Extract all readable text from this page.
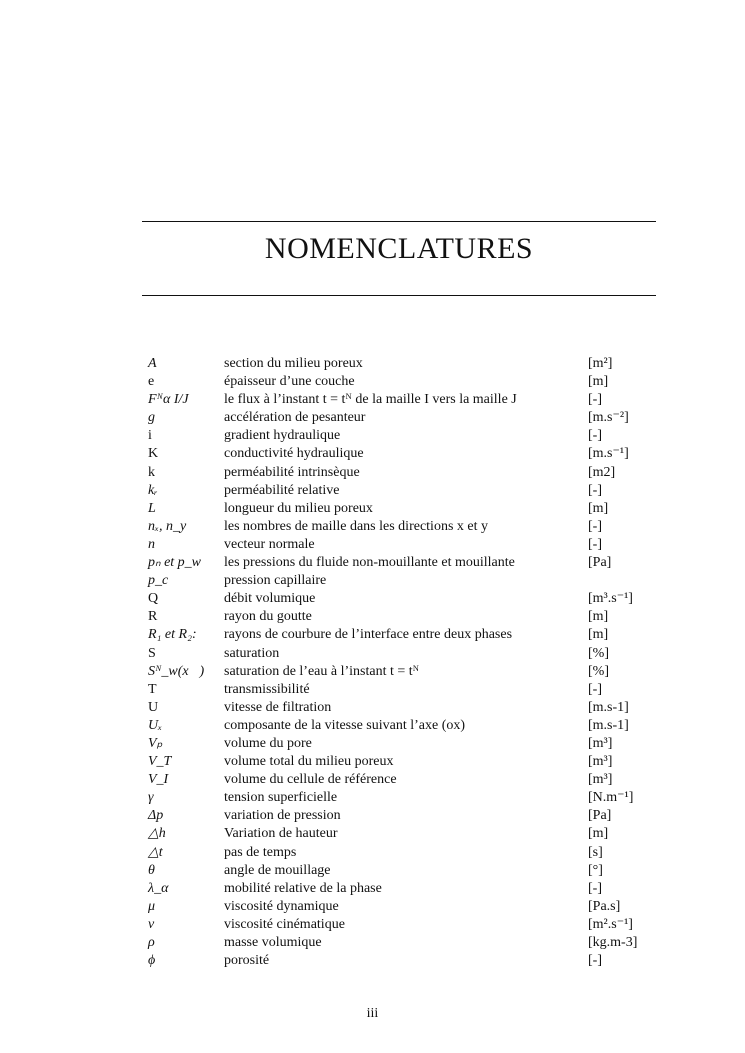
NOMENCLATURES
A	section du milieu poreux	[m²]
e	épaisseur d’une couche	[m]
Fᴺα I/J	le flux à l’instant t = tᴺ de la maille I vers la maille J	[-]
g⃗	accélération de pesanteur	[m.s⁻²]
i	gradient hydraulique	[-]
K	conductivité hydraulique	[m.s⁻¹]
k	perméabilité intrinsèque	[m2]
kᵣ	perméabilité relative	[-]
L	longueur du milieu poreux	[m]
nₓ, n_y	les nombres de maille dans les directions x et y	[-]
n⃗	vecteur normale	[-]
pₙ et p_w	les pressions du fluide non-mouillante et mouillante	[Pa]
p_c	pression capillaire
Q	débit volumique	[m³.s⁻¹]
R	rayon du goutte	[m]
R₁ et R₂:	rayons de courbure de l’interface entre deux phases	[m]
S	saturation	[%]
Sᴺ_w(x⃗)	saturation de l’eau à l’instant t = tᴺ	[%]
T	transmissibilité	[-]
U	vitesse de filtration	[m.s-1]
Uₓ	composante de la vitesse suivant l’axe (ox)	[m.s-1]
Vₚ	volume du pore	[m³]
V_T	volume total du milieu poreux	[m³]
V_I	volume du cellule de référence	[m³]
γ	tension superficielle	[N.m⁻¹]
Δp	variation de pression	[Pa]
△h	Variation de hauteur	[m]
△t	pas de temps	[s]
θ	angle de mouillage	[°]
λ_α	mobilité relative de la phase	[-]
μ	viscosité dynamique	[Pa.s]
ν	viscosité cinématique	[m².s⁻¹]
ρ	masse volumique	[kg.m-3]
ϕ	porosité	[-]
iii
